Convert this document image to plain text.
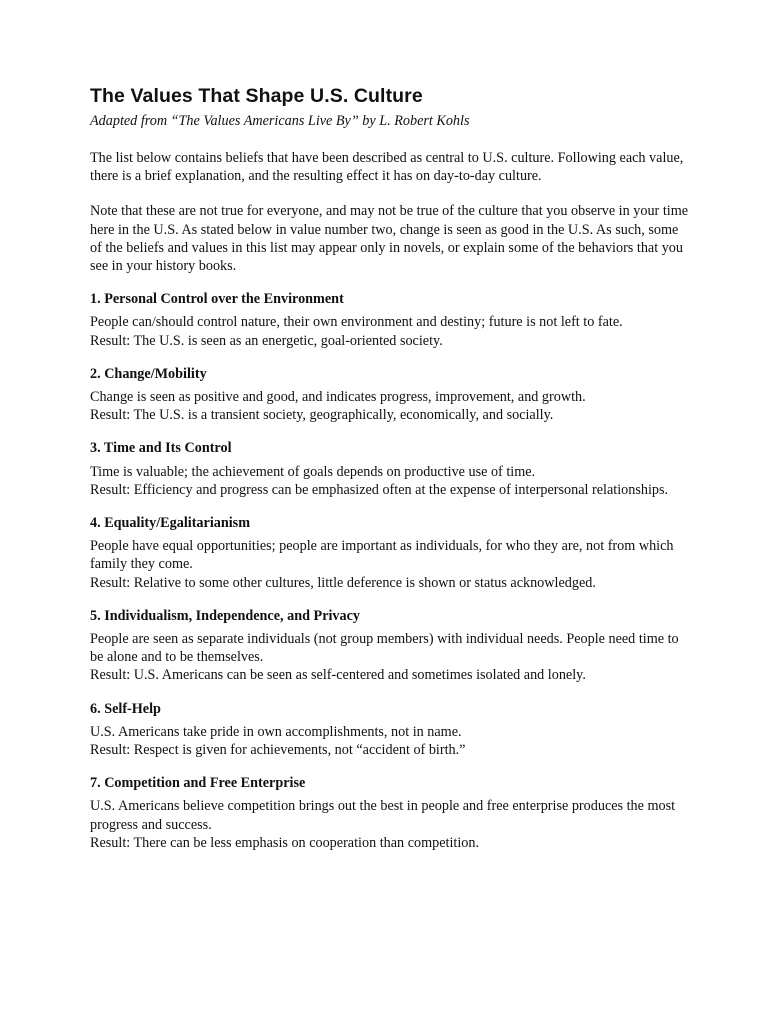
The Values That Shape U.S. Culture
Adapted from “The Values Americans Live By” by L. Robert Kohls

The list below contains beliefs that have been described as central to U.S. culture. Following each value, there is a brief explanation, and the resulting effect it has on day-to-day culture.

Note that these are not true for everyone, and may not be true of the culture that you observe in your time here in the U.S. As stated below in value number two, change is seen as good in the U.S. As such, some of the beliefs and values in this list may appear only in novels, or explain some of the behaviors that you see in your history books.

1. Personal Control over the Environment
People can/should control nature, their own environment and destiny; future is not left to fate.
Result: The U.S. is seen as an energetic, goal-oriented society.
2. Change/Mobility
Change is seen as positive and good, and indicates progress, improvement, and growth.
Result: The U.S. is a transient society, geographically, economically, and socially.
3. Time and Its Control
Time is valuable; the achievement of goals depends on productive use of time.
Result: Efficiency and progress can be emphasized often at the expense of interpersonal relationships.
4. Equality/Egalitarianism
People have equal opportunities; people are important as individuals, for who they are, not from which family they come.
Result: Relative to some other cultures, little deference is shown or status acknowledged.
5. Individualism, Independence, and Privacy
People are seen as separate individuals (not group members) with individual needs. People need time to be alone and to be themselves.
Result: U.S. Americans can be seen as self-centered and sometimes isolated and lonely.
6. Self-Help
U.S. Americans take pride in own accomplishments, not in name.
Result: Respect is given for achievements, not “accident of birth.”
7. Competition and Free Enterprise
U.S. Americans believe competition brings out the best in people and free enterprise produces the most progress and success.
Result: There can be less emphasis on cooperation than competition.
